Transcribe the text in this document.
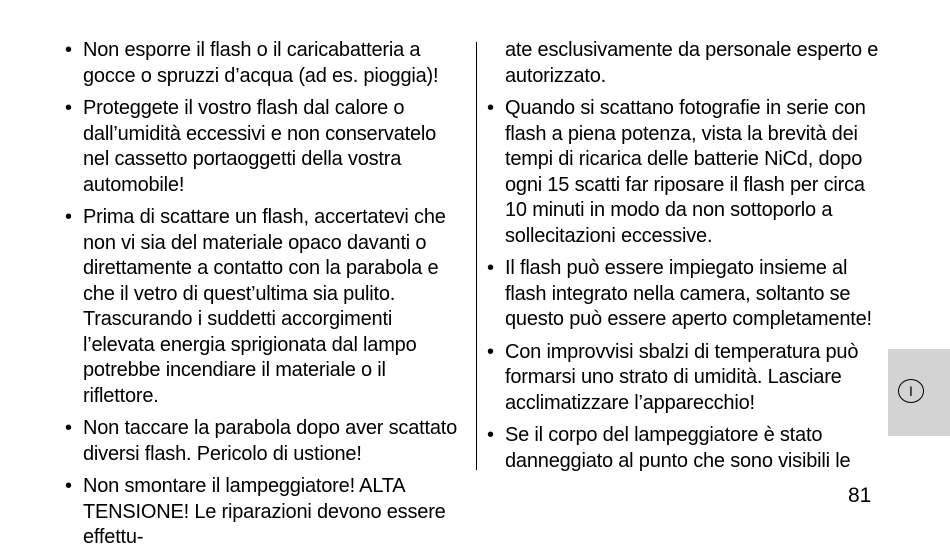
• Non esporre il flash o il caricabatteria a gocce o spruzzi d’acqua (ad es. pioggia)!
• Proteggete il vostro flash dal calore o dall’umidità eccessivi e non conservatelo nel cassetto portaoggetti della vostra automobile!
• Prima di scattare un flash, accertatevi che non vi sia del materiale opaco davanti o direttamente a contatto con la parabola e che il vetro di quest’ultima sia pulito. Trascurando i suddetti accorgimenti l’elevata energia sprigionata dal lampo potrebbe incendiare il materiale o il riflettore.
• Non taccare la parabola dopo aver scattato diversi flash. Pericolo di ustione!
• Non smontare il lampeggiatore! ALTA TENSIONE! Le riparazioni devono essere effettu-
ate esclusivamente da personale esperto e autorizzato.
• Quando si scattano fotografie in serie con flash a piena potenza, vista la brevità dei tempi di ricarica delle batterie NiCd, dopo ogni 15 scatti far riposare il flash per circa 10 minuti in modo da non sottoporlo a sollecitazioni eccessive.
• Il flash può essere impiegato insieme al flash integrato nella camera, soltanto se questo può essere aperto completamente!
• Con improvvisi sbalzi di temperatura può formarsi uno strato di umidità. Lasciare acclimatizzare l’apparecchio!
• Se il corpo del lampeggiatore è stato danneggiato al punto che sono visibili le
I
81
